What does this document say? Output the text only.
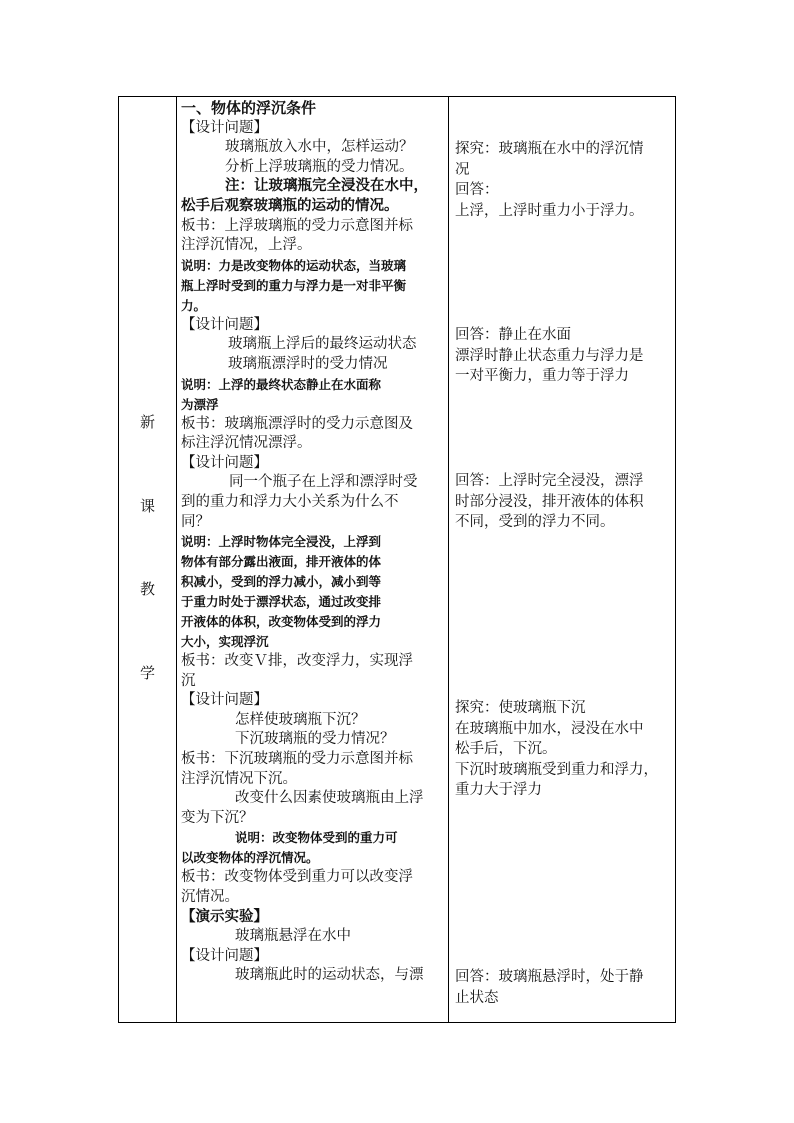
新
课
教
学
一、物体的浮沉条件
【设计问题】
玻璃瓶放入水中，怎样运动？
分析上浮玻璃瓶的受力情况。
注：让玻璃瓶完全浸没在水中，
松手后观察玻璃瓶的运动的情况。
板书：上浮玻璃瓶的受力示意图并标
注浮沉情况，上浮。
说明：力是改变物体的运动状态，当玻璃
瓶上浮时受到的重力与浮力是一对非平衡
力。
【设计问题】
玻璃瓶上浮后的最终运动状态
玻璃瓶漂浮时的受力情况
说明：上浮的最终状态静止在水面称
为漂浮
板书：玻璃瓶漂浮时的受力示意图及
标注浮沉情况漂浮。
【设计问题】
同一个瓶子在上浮和漂浮时受
到的重力和浮力大小关系为什么不
同？
说明：上浮时物体完全浸没，上浮到
物体有部分露出液面，排开液体的体
积减小，受到的浮力减小，减小到等
于重力时处于漂浮状态，通过改变排
开液体的体积，改变物体受到的浮力
大小，实现浮沉
板书：改变Ｖ排，改变浮力，实现浮
沉
【设计问题】
怎样使玻璃瓶下沉？
下沉玻璃瓶的受力情况？
板书：下沉玻璃瓶的受力示意图并标
注浮沉情况下沉。
改变什么因素使玻璃瓶由上浮
变为下沉？
说明：改变物体受到的重力可
以改变物体的浮沉情况。
板书：改变物体受到重力可以改变浮
沉情况。
【演示实验】
玻璃瓶悬浮在水中
【设计问题】
玻璃瓶此时的运动状态，与漂
探究：玻璃瓶在水中的浮沉情
况
回答：
上浮，上浮时重力小于浮力。
回答：静止在水面
漂浮时静止状态重力与浮力是
一对平衡力，重力等于浮力
回答：上浮时完全浸没，漂浮
时部分浸没，排开液体的体积
不同，受到的浮力不同。
探究：使玻璃瓶下沉
在玻璃瓶中加水，浸没在水中
松手后，下沉。
下沉时玻璃瓶受到重力和浮力，
重力大于浮力
回答：玻璃瓶悬浮时，处于静
止状态
